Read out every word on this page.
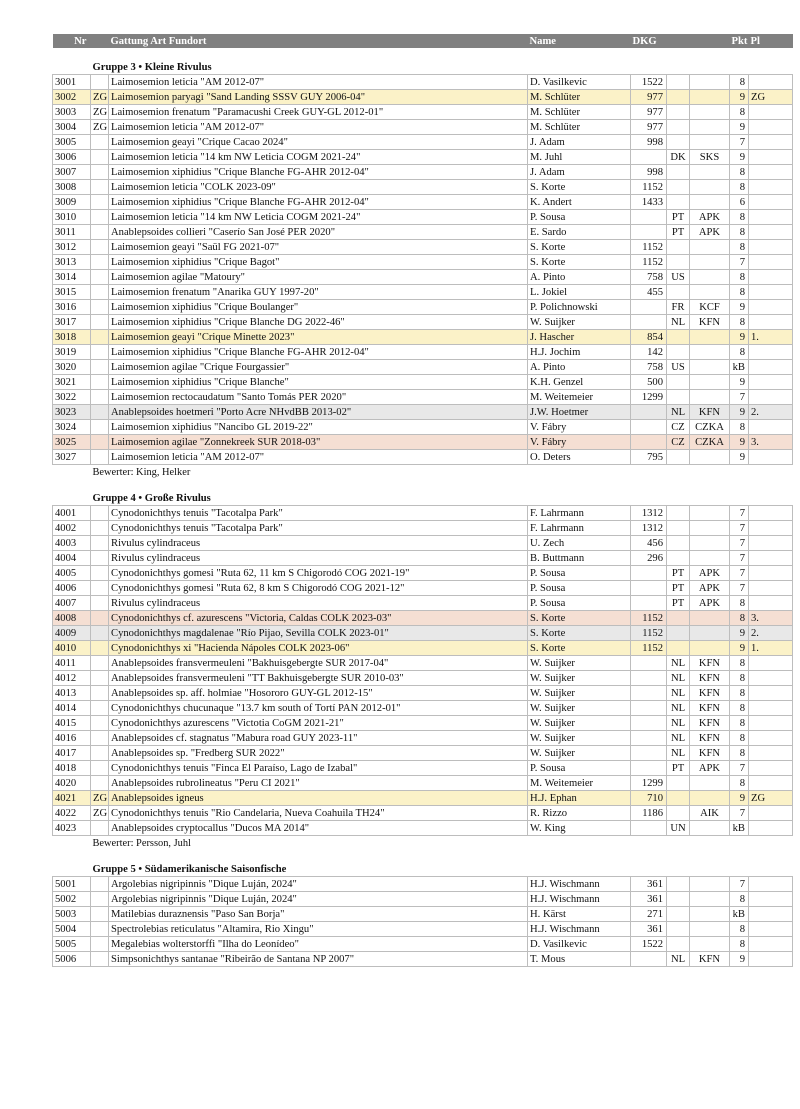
Nr		Gattung Art Fundort	Name	DKG			Pkt	Pl

	Gruppe 3 • Kleine Rivulus							
3001		Laimosemion leticia "AM 2012-07"	D. Vasilkevic	1522			8	
3002	ZG	Laimosemion paryagi "Sand Landing SSSV GUY 2006-04"	M. Schlüter	977			9	ZG
3003	ZG	Laimosemion frenatum "Paramacushi Creek GUY-GL 2012-01"	M. Schlüter	977			8	
3004	ZG	Laimosemion leticia "AM 2012-07"	M. Schlüter	977			9	
3005		Laimosemion geayi "Crique Cacao 2024"	J. Adam	998			7	
3006		Laimosemion leticia "14 km NW Leticia COGM 2021-24"	M. Juhl		DK	SKS	9	
3007		Laimosemion xiphidius "Crique Blanche FG-AHR 2012-04"	J. Adam	998			8	
3008		Laimosemion leticia "COLK 2023-09"	S. Korte	1152			8	
3009		Laimosemion xiphidius "Crique Blanche FG-AHR 2012-04"	K. Andert	1433			6	
3010		Laimosemion leticia "14 km NW Leticia COGM 2021-24"	P. Sousa		PT	APK	8	
3011		Anablepsoides collieri "Caserío San José PER 2020"	E. Sardo		PT	APK	8	
3012		Laimosemion geayi "Saül FG 2021-07"	S. Korte	1152			8	
3013		Laimosemion xiphidius "Crique Bagot"	S. Korte	1152			7	
3014		Laimosemion agilae "Matoury"	A. Pinto	758	US		8	
3015		Laimosemion frenatum "Anarika GUY 1997-20"	L. Jokiel	455			8	
3016		Laimosemion xiphidius "Crique Boulanger"	P. Polichnowski		FR	KCF	9	
3017		Laimosemion xiphidius "Crique Blanche DG 2022-46"	W. Suijker		NL	KFN	8	
3018		Laimosemion geayi "Crique Minette 2023"	J. Hascher	854			9	1.
3019		Laimosemion xiphidius "Crique Blanche FG-AHR 2012-04"	H.J. Jochim	142			8	
3020		Laimosemion agilae "Crique Fourgassier"	A. Pinto	758	US		kB	
3021		Laimosemion xiphidius "Crique Blanche"	K.H. Genzel	500			9	
3022		Laimosemion rectocaudatum "Santo Tomás PER 2020"	M. Weitemeier	1299			7	
3023		Anablepsoides hoetmeri "Porto Acre NHvdBB 2013-02"	J.W. Hoetmer		NL	KFN	9	2.
3024		Laimosemion xiphidius "Nancibo GL 2019-22"	V. Fábry		CZ	CZKA	8	
3025		Laimosemion agilae "Zonnekreek SUR 2018-03"	V. Fábry		CZ	CZKA	9	3.
3027		Laimosemion leticia "AM 2012-07"	O. Deters	795			9	
	Bewerter: King, Helker							

	Gruppe 4 • Große Rivulus							
4001		Cynodonichthys tenuis "Tacotalpa Park"	F. Lahrmann	1312			7	
4002		Cynodonichthys tenuis "Tacotalpa Park"	F. Lahrmann	1312			7	
4003		Rivulus cylindraceus	U. Zech	456			7	
4004		Rivulus cylindraceus	B. Buttmann	296			7	
4005		Cynodonichthys gomesi "Ruta 62, 11 km S Chigorodó COG 2021-19"	P. Sousa		PT	APK	7	
4006		Cynodonichthys gomesi "Ruta 62, 8 km S Chigorodó COG 2021-12"	P. Sousa		PT	APK	7	
4007		Rivulus cylindraceus	P. Sousa		PT	APK	8	
4008		Cynodonichthys cf. azurescens "Victoria, Caldas COLK 2023-03"	S. Korte	1152			8	3.
4009		Cynodonichthys magdalenae "Río Pijao, Sevilla COLK 2023-01"	S. Korte	1152			9	2.
4010		Cynodonichthys xi "Hacienda Nápoles COLK 2023-06"	S. Korte	1152			9	1.
4011		Anablepsoides fransvermeuleni "Bakhuisgebergte SUR 2017-04"	W. Suijker		NL	KFN	8	
4012		Anablepsoides fransvermeuleni "TT Bakhuisgebergte SUR 2010-03"	W. Suijker		NL	KFN	8	
4013		Anablepsoides sp. aff. holmiae "Hosororo GUY-GL 2012-15"	W. Suijker		NL	KFN	8	
4014		Cynodonichthys chucunaque "13.7 km south of Tortí PAN 2012-01"	W. Suijker		NL	KFN	8	
4015		Cynodonichthys azurescens "Victotia CoGM 2021-21"	W. Suijker		NL	KFN	8	
4016		Anablepsoides cf. stagnatus "Mabura road GUY 2023-11"	W. Suijker		NL	KFN	8	
4017		Anablepsoides sp. "Fredberg SUR 2022"	W. Suijker		NL	KFN	8	
4018		Cynodonichthys tenuis "Finca El Paraíso, Lago de Izabal"	P. Sousa		PT	APK	7	
4020		Anablepsoides rubrolineatus "Peru CI 2021"	M. Weitemeier	1299			8	
4021	ZG	Anablepsoides igneus	H.J. Ephan	710			9	ZG
4022	ZG	Cynodonichthys tenuis "Rio Candelaria, Nueva Coahuila TH24"	R. Rizzo	1186		AIK	7	
4023		Anablepsoides cryptocallus "Ducos MA 2014"	W. King		UN		kB	
	Bewerter: Persson, Juhl							

	Gruppe 5 • Südamerikanische Saisonfische							
5001		Argolebias nigripinnis "Dique Luján, 2024"	H.J. Wischmann	361			7	
5002		Argolebias nigripinnis "Dique Luján, 2024"	H.J. Wischmann	361			8	
5003		Matilebias duraznensis "Paso San Borja"	H. Kärst	271			kB	
5004		Spectrolebias reticulatus "Altamira, Rio Xingu"	H.J. Wischmann	361			8	
5005		Megalebias wolterstorffi "Ilha do Leonídeo"	D. Vasilkevic	1522			8	
5006		Simpsonichthys santanae "Ribeirão de Santana NP 2007"	T. Mous		NL	KFN	9	
